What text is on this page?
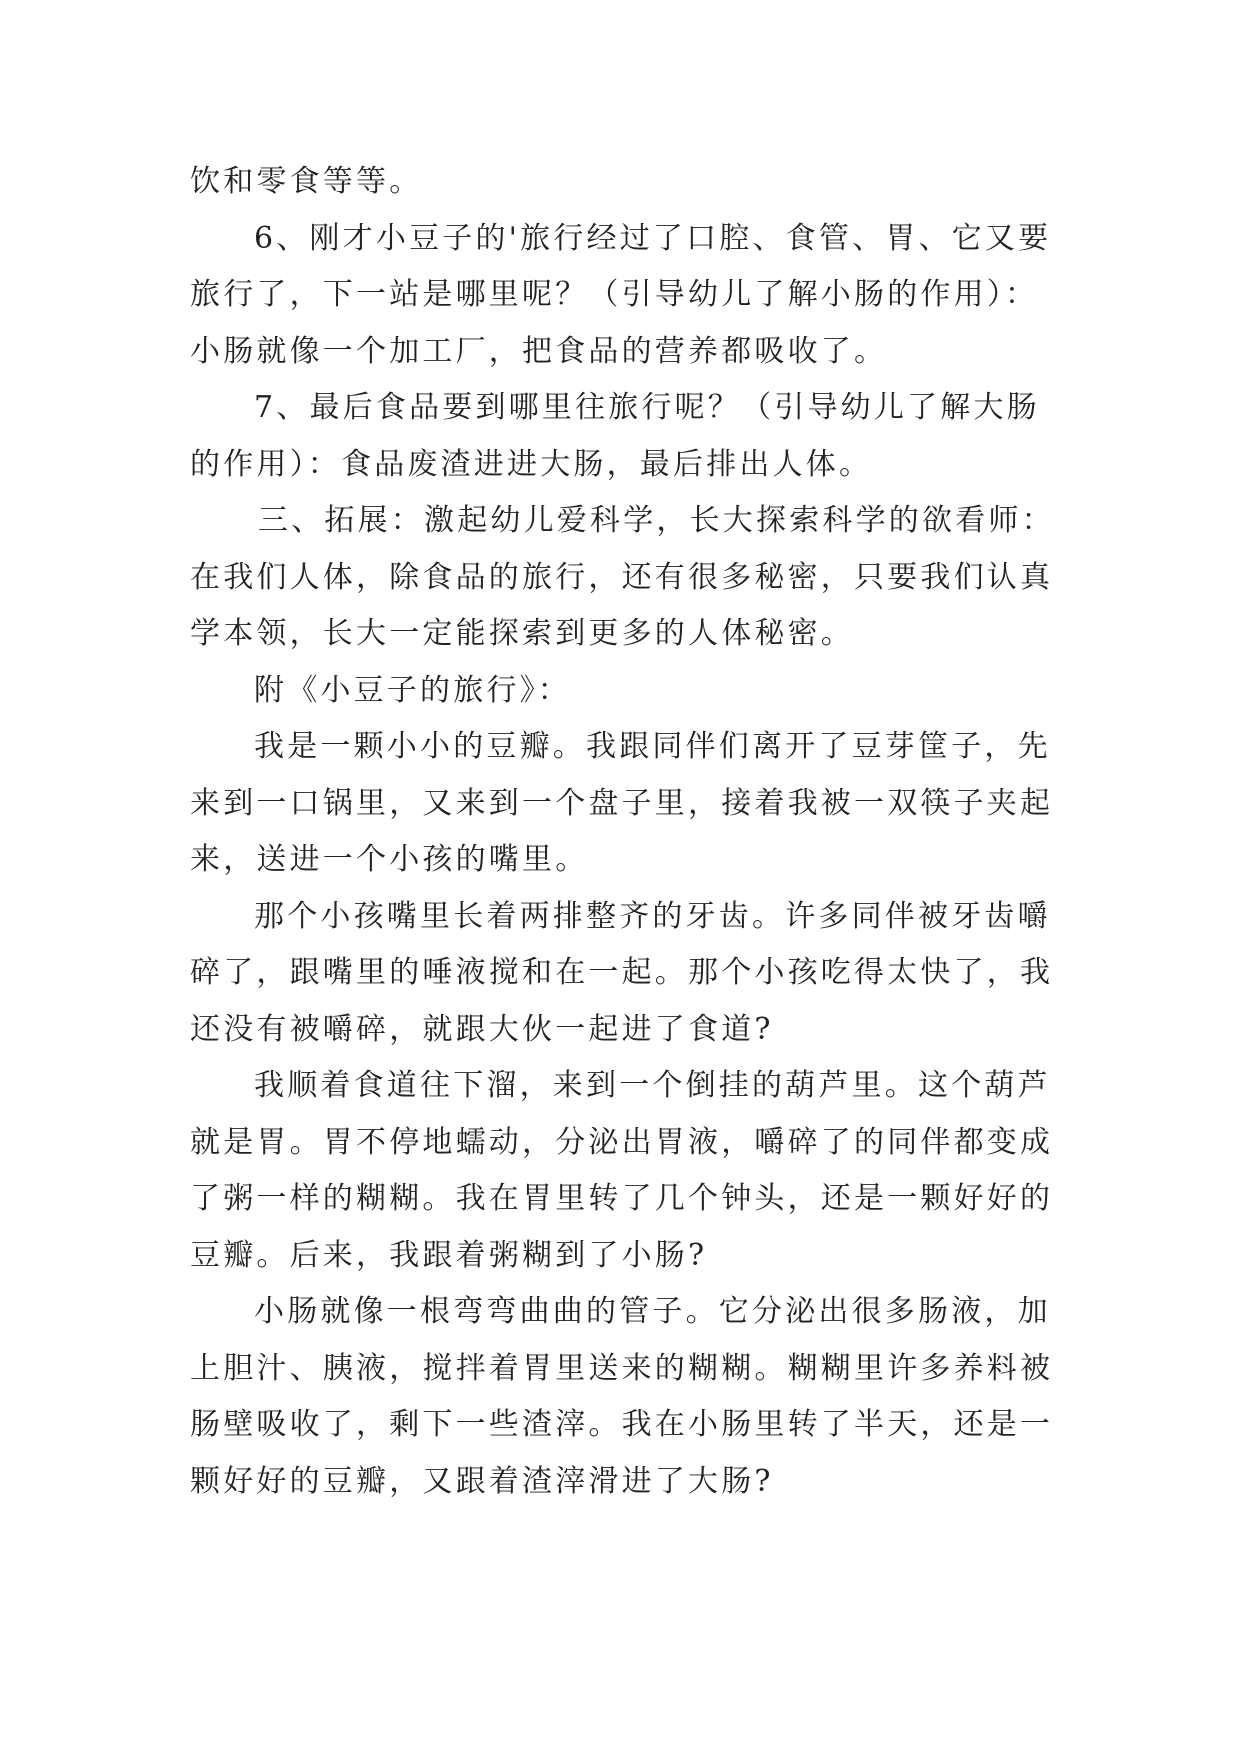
饮和零食等等。
6、刚才小豆子的'旅行经过了口腔、食管、胃、它又要
旅行了，下一站是哪里呢？（引导幼儿了解小肠的作用）：
小肠就像一个加工厂，把食品的营养都吸收了。
7、最后食品要到哪里往旅行呢？（引导幼儿了解大肠
的作用）：食品废渣进进大肠，最后排出人体。
三、拓展：激起幼儿爱科学，长大探索科学的欲看师：
在我们人体，除食品的旅行，还有很多秘密，只要我们认真
学本领，长大一定能探索到更多的人体秘密。
附《小豆子的旅行》：
我是一颗小小的豆瓣。我跟同伴们离开了豆芽筐子，先
来到一口锅里，又来到一个盘子里，接着我被一双筷子夹起
来，送进一个小孩的嘴里。
那个小孩嘴里长着两排整齐的牙齿。许多同伴被牙齿嚼
碎了，跟嘴里的唾液搅和在一起。那个小孩吃得太快了，我
还没有被嚼碎，就跟大伙一起进了食道?
我顺着食道往下溜，来到一个倒挂的葫芦里。这个葫芦
就是胃。胃不停地蠕动，分泌出胃液，嚼碎了的同伴都变成
了粥一样的糊糊。我在胃里转了几个钟头，还是一颗好好的
豆瓣。后来，我跟着粥糊到了小肠?
小肠就像一根弯弯曲曲的管子。它分泌出很多肠液，加
上胆汁、胰液，搅拌着胃里送来的糊糊。糊糊里许多养料被
肠壁吸收了，剩下一些渣滓。我在小肠里转了半天，还是一
颗好好的豆瓣，又跟着渣滓滑进了大肠?
